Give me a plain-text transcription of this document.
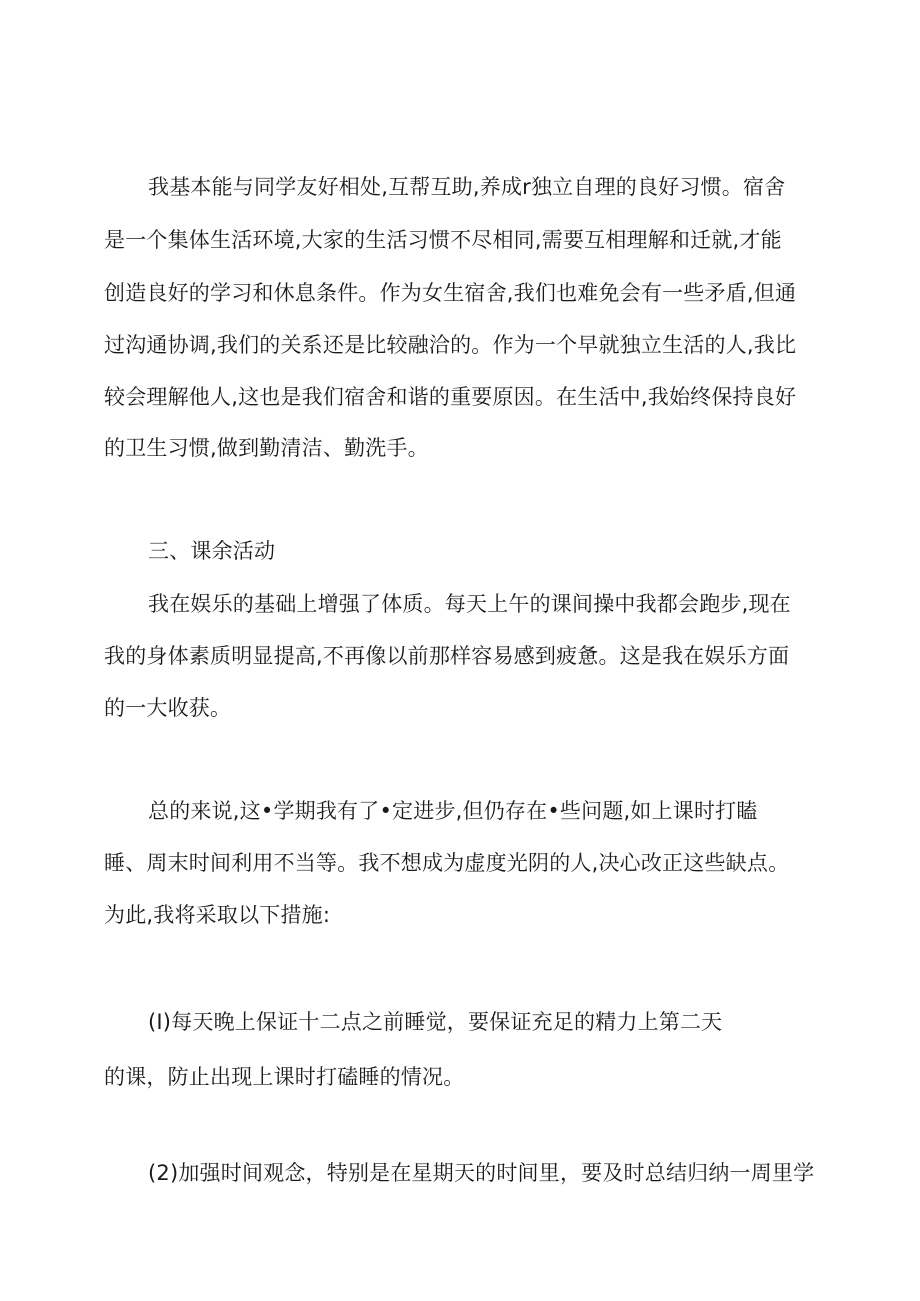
我基本能与同学友好相处,互帮互助,养成r独立自理的良好习惯。宿舍
是一个集体生活环境,大家的生活习惯不尽相同,需要互相理解和迁就,才能
创造良好的学习和休息条件。作为女生宿舍,我们也难免会有一些矛盾,但通
过沟通协调,我们的关系还是比较融洽的。作为一个早就独立生活的人,我比
较会理解他人,这也是我们宿舍和谐的重要原因。在生活中,我始终保持良好
的卫生习惯,做到勤清洁、勤洗手。
三、课余活动
我在娱乐的基础上增强了体质。每天上午的课间操中我都会跑步,现在
我的身体素质明显提高,不再像以前那样容易感到疲惫。这是我在娱乐方面
的一大收获。
总的来说,这•学期我有了•定进步,但仍存在•些问题,如上课时打瞌
睡、周末时间利用不当等。我不想成为虚度光阴的人,决心改正这些缺点。
为此,我将采取以下措施:
(I)每天晚上保证十二点之前睡觉，要保证充足的精力上第二天
的课，防止出现上课时打磕睡的情况。
(2)加强时间观念，特别是在星期天的时间里，要及时总结归纳一周里学
